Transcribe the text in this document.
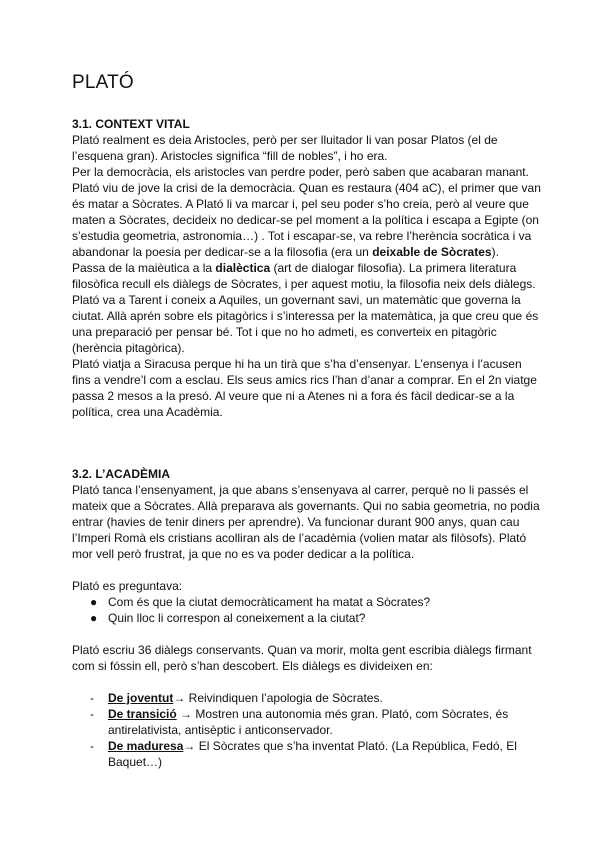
PLATÓ
3.1. CONTEXT VITAL

Plató realment es deia Aristocles, però per ser lluitador li van posar Platos (el de l’esquena gran). Aristocles significa “fill de nobles”, i ho era.

Per la democràcia, els aristocles van perdre poder, però saben que acabaran manant. Plató viu de jove la crisi de la democràcia. Quan es restaura (404 aC), el primer que van és matar a Sòcrates. A Plató li va marcar i, pel seu poder s’ho creia, però al veure que maten a Sòcrates, decideix no dedicar-se pel moment a la política i escapa a Egipte (on s’estudia geometria, astronomia…) . Tot i escapar-se, va rebre l’herència socràtica i va abandonar la poesia per dedicar-se a la filosofia (era un deixable de Sòcrates).

Passa de la maièutica a la dialèctica (art de dialogar filosofia). La primera literatura filosòfica recull els diàlegs de Sòcrates, i per aquest motiu, la filosofia neix dels diàlegs.

Plató va a Tarent i coneix a Aquiles, un governant savi, un matemàtic que governa la ciutat. Allà aprén sobre els pitagòrics i s’interessa per la matemàtica, ja que creu que és una preparació per pensar bé. Tot i que no ho admeti, es converteix en pitagòric (herència pitagòrica).

Plató viatja a Siracusa perque hi ha un tirà que s’ha d’ensenyar. L’ensenya i l’acusen fins a vendre’l com a esclau. Els seus amics rics l’han d’anar a comprar. En el 2n viatge passa 2 mesos a la presó. Al veure que ni a Atenes ni a fora és fàcil dedicar-se a la política, crea una Acadèmia.

3.2. L’ACADÈMIA

Plató tanca l’ensenyament, ja que abans s’ensenyava al carrer, perquè no li passés el mateix que a Sòcrates. Allà preparava als governants. Qui no sabia geometria, no podia entrar (havies de tenir diners per aprendre). Va funcionar durant 900 anys, quan cau l’Imperi Romà els cristians acolliran als de l’acadèmia (volien matar als filòsofs). Plató mor vell però frustrat, ja que no es va poder dedicar a la política.

Plató es preguntava:

● Com és que la ciutat democràticament ha matat a Sòcrates?
● Quin lloc li correspon al coneixement a la ciutat?

Plató escriu 36 diàlegs conservants. Quan va morir, molta gent escribia diàlegs firmant com si fóssin ell, però s’han descobert. Els diàlegs es divideixen en:

- De joventut→ Reivindiquen l’apologia de Sòcrates.
- De transició → Mostren una autonomia més gran. Plató, com Sòcrates, és antirelativista, antisèptic i anticonservador.
- De maduresa→ El Sòcrates que s’ha inventat Plató. (La República, Fedó, El Baquet…)
